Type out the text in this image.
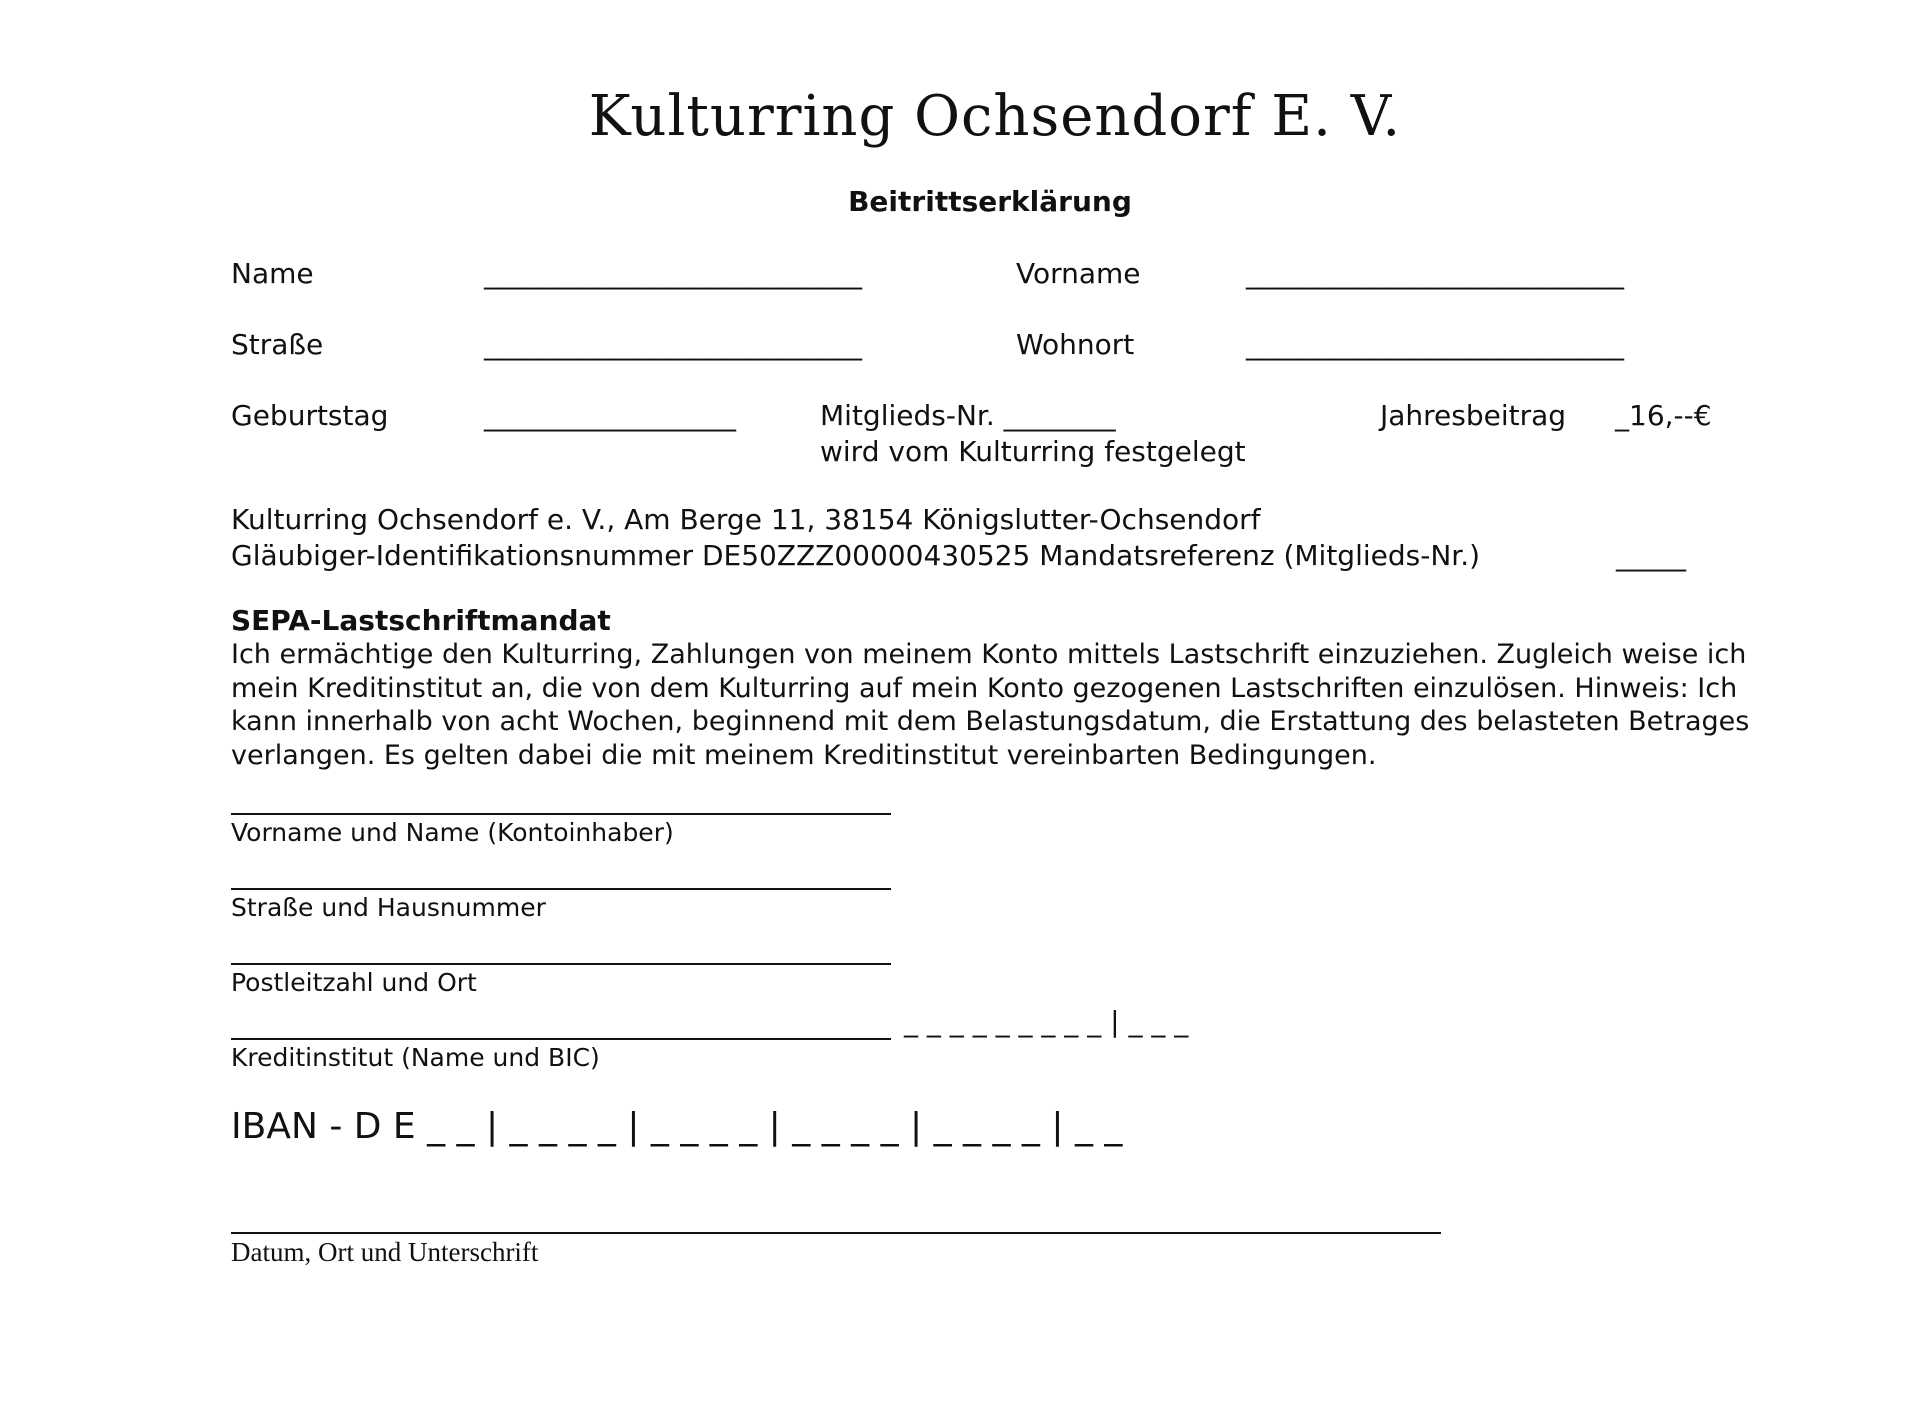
Kulturring Ochsendorf E. V.
Beitrittserklärung
Name	___________________________	Vorname	___________________________
Straße	___________________________	Wohnort	___________________________
Geburtstag	__________________	Mitglieds-Nr. ________
wird vom Kulturring festgelegt
Jahresbeitrag _16,--€
Kulturring Ochsendorf e. V., Am Berge 11, 38154 Königslutter-Ochsendorf
Gläubiger-Identifikationsnummer DE50ZZZ00000430525 Mandatsreferenz (Mitglieds-Nr.)	_____
SEPA-Lastschriftmandat
Ich ermächtige den Kulturring, Zahlungen von meinem Konto mittels Lastschrift einzuziehen. Zugleich weise ich mein Kreditinstitut an, die von dem Kulturring auf mein Konto gezogenen Lastschriften einzulösen. Hinweis: Ich kann innerhalb von acht Wochen, beginnend mit dem Belastungsdatum, die Erstattung des belasteten Betrages verlangen. Es gelten dabei die mit meinem Kreditinstitut vereinbarten Bedingungen.
Vorname und Name (Kontoinhaber)
Straße und Hausnummer
Postleitzahl und Ort
_ _ _ _ _ _ _ _ _ | _ _ _
Kreditinstitut (Name und BIC)
IBAN - D E _ _ | _ _ _ _ | _ _ _ _ | _ _ _ _ | _ _ _ _ | _ _
Datum, Ort und Unterschrift
